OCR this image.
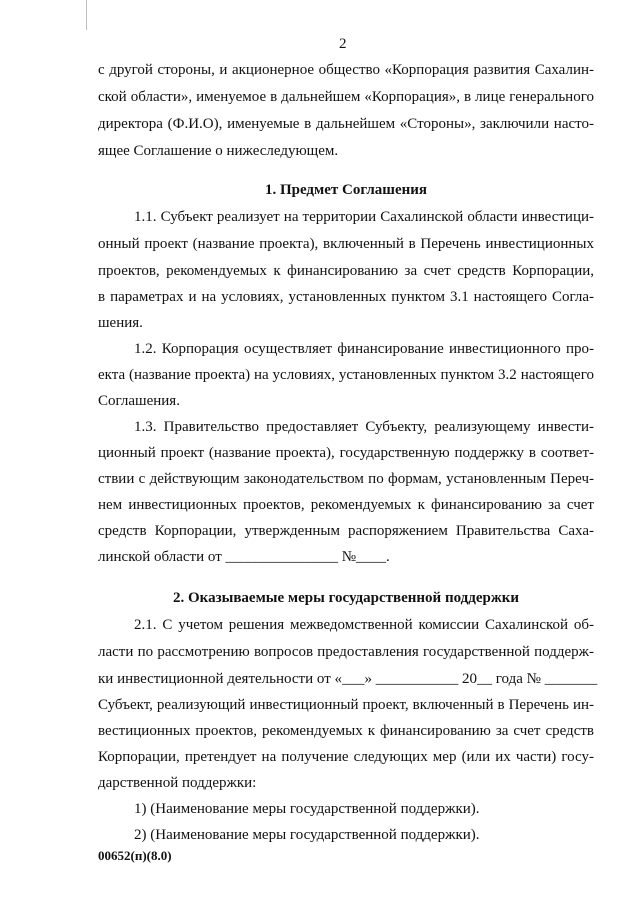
2
с другой стороны, и акционерное общество «Корпорация развития Сахалин-
ской области», именуемое в дальнейшем «Корпорация», в лице генерального
директора (Ф.И.О), именуемые в дальнейшем «Стороны», заключили насто-
ящее Соглашение о нижеследующем.
1. Предмет Соглашения
1.1. Субъект реализует на территории Сахалинской области инвестици-
онный проект (название проекта), включенный в Перечень инвестиционных
проектов, рекомендуемых к финансированию за счет средств Корпорации,
в параметрах и на условиях, установленных пунктом 3.1 настоящего Согла-
шения.
1.2. Корпорация осуществляет финансирование инвестиционного про-
екта (название проекта) на условиях, установленных пунктом 3.2 настоящего
Соглашения.
1.3. Правительство предоставляет Субъекту, реализующему инвести-
ционный проект (название проекта), государственную поддержку в соответ-
ствии с действующим законодательством по формам, установленным Переч-
нем инвестиционных проектов, рекомендуемых к финансированию за счет
средств Корпорации, утвержденным распоряжением Правительства Саха-
линской области от _______________ №____.
2. Оказываемые меры государственной поддержки
2.1. С учетом решения межведомственной комиссии Сахалинской об-
ласти по рассмотрению вопросов предоставления государственной поддерж-
ки инвестиционной деятельности от «___» ___________ 20__ года № _______
Субъект, реализующий инвестиционный проект, включенный в Перечень ин-
вестиционных проектов, рекомендуемых к финансированию за счет средств
Корпорации, претендует на получение следующих мер (или их части) госу-
дарственной поддержки:
1) (Наименование меры государственной поддержки).
2) (Наименование меры государственной поддержки).
00652(п)(8.0)
